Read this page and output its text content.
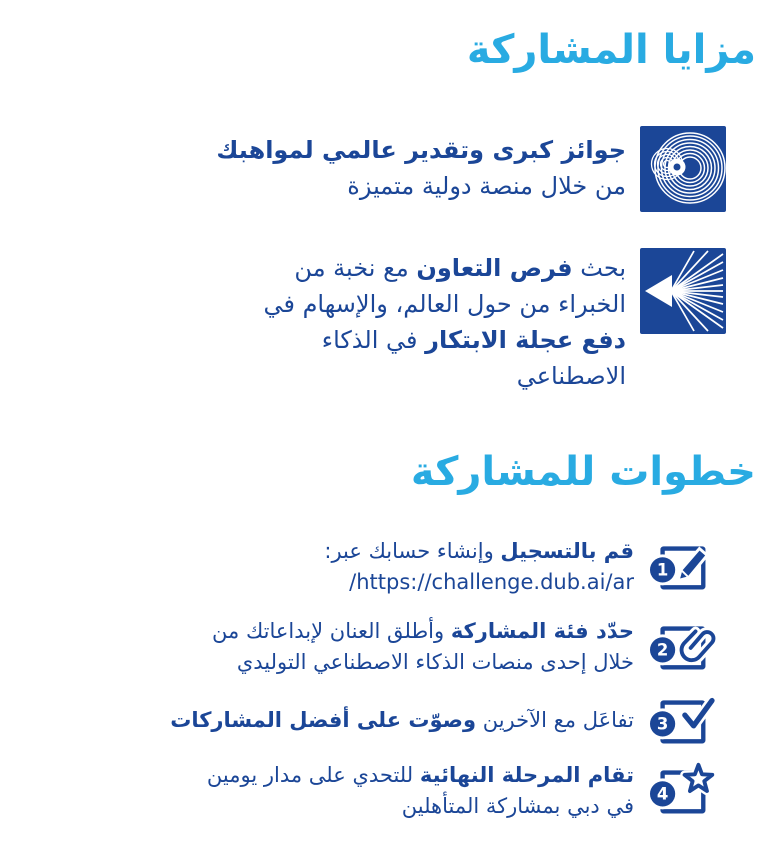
مزايا المشاركة
جوائز كبرى وتقدير عالمي لمواهبك
من خلال منصة دولية متميزة

بحث فرص التعاون مع نخبة من الخبراء من حول العالم، والإسهام في دفع عجلة الابتكار في الذكاء الاصطناعي

خطوات للمشاركة
1
قم بالتسجيل وإنشاء حسابك عبر:
/https://challenge.dub.ai/ar
2

حدّد فئة المشاركة وأطلق العنان لإبداعاتك من خلال إحدى منصات الذكاء الاصطناعي التوليدي

3

تفاعَل مع الآخرين وصوّت على أفضل المشاركات

4

تقام المرحلة النهائية للتحدي على مدار يومين في دبي بمشاركة المتأهلين
